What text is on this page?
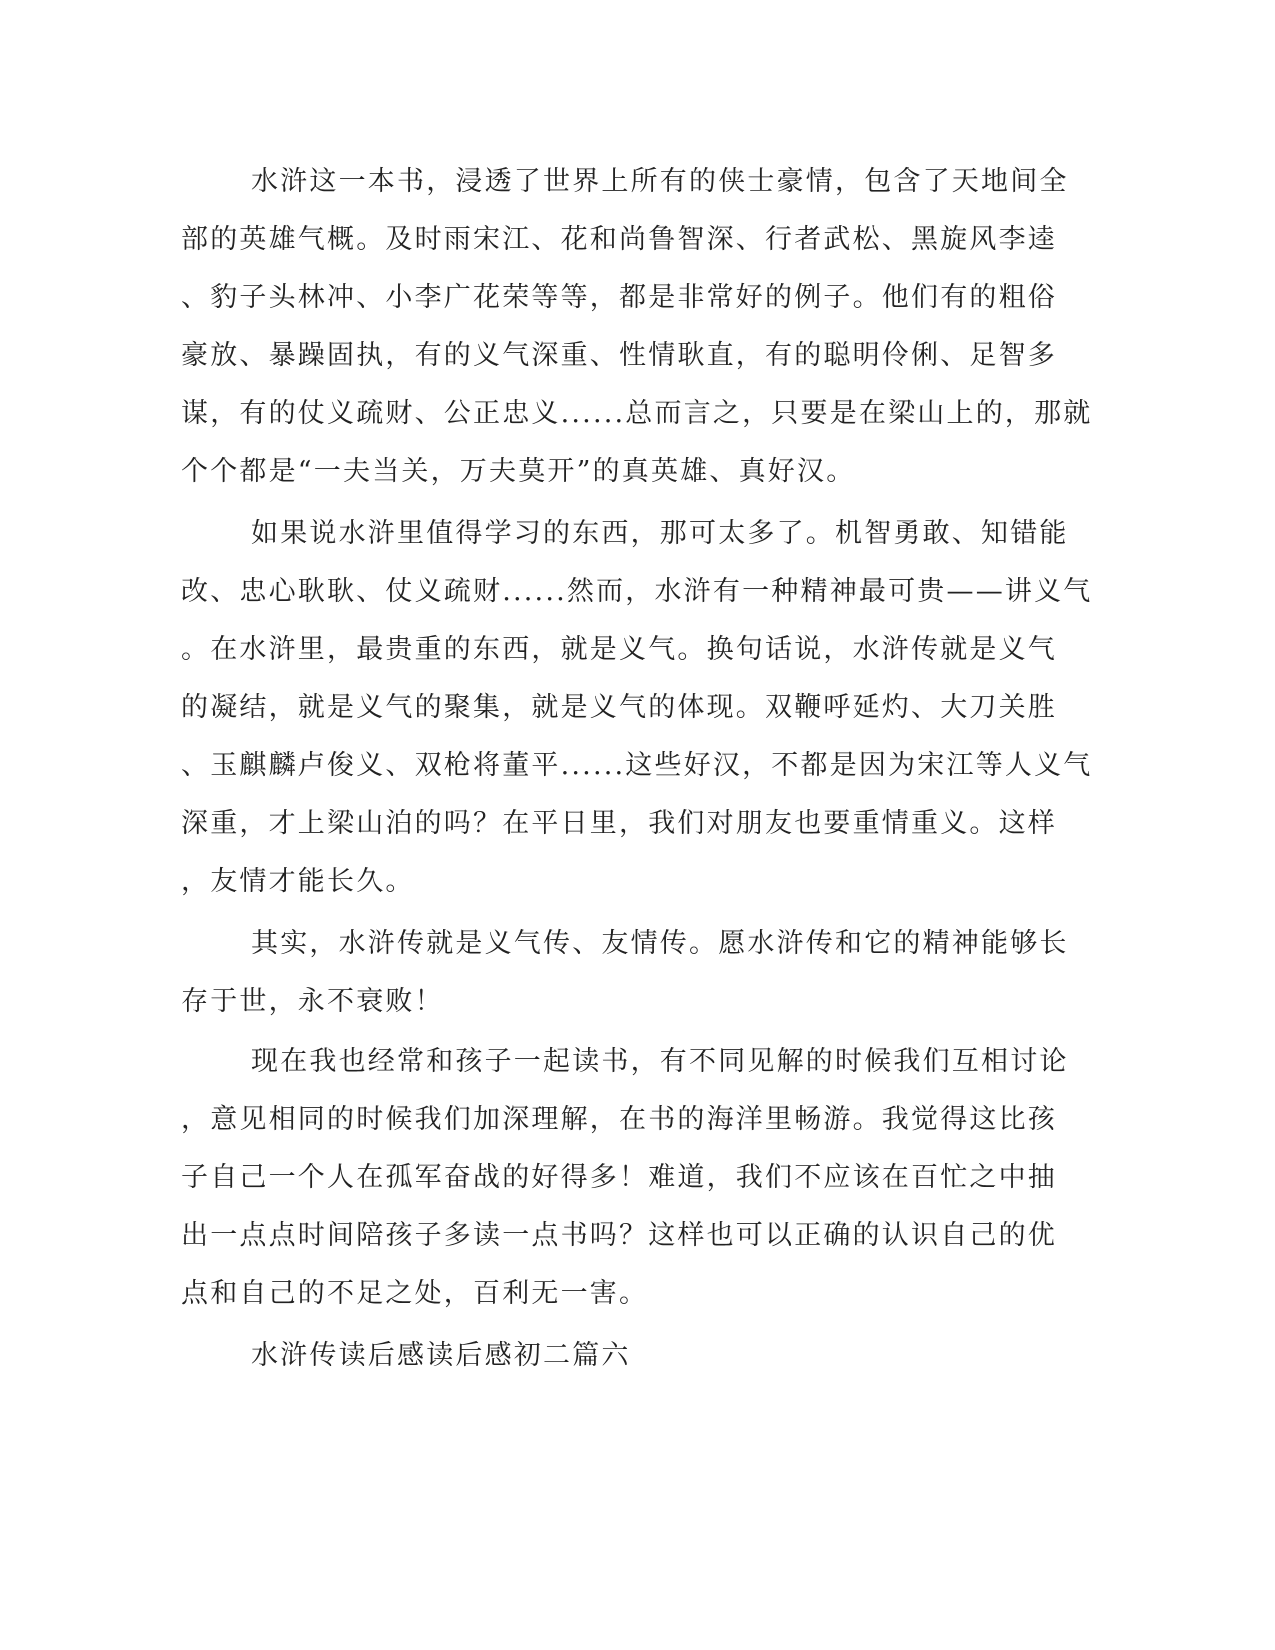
水浒这一本书，浸透了世界上所有的侠士豪情，包含了天地间全
部的英雄气概。及时雨宋江、花和尚鲁智深、行者武松、黑旋风李逵
、豹子头林冲、小李广花荣等等，都是非常好的例子。他们有的粗俗
豪放、暴躁固执，有的义气深重、性情耿直，有的聪明伶俐、足智多
谋，有的仗义疏财、公正忠义......总而言之，只要是在梁山上的，那就
个个都是“一夫当关，万夫莫开”的真英雄、真好汉。
如果说水浒里值得学习的东西，那可太多了。机智勇敢、知错能
改、忠心耿耿、仗义疏财......然而，水浒有一种精神最可贵——讲义气
。在水浒里，最贵重的东西，就是义气。换句话说，水浒传就是义气
的凝结，就是义气的聚集，就是义气的体现。双鞭呼延灼、大刀关胜
、玉麒麟卢俊义、双枪将董平......这些好汉，不都是因为宋江等人义气
深重，才上梁山泊的吗？在平日里，我们对朋友也要重情重义。这样
，友情才能长久。
其实，水浒传就是义气传、友情传。愿水浒传和它的精神能够长
存于世，永不衰败！
现在我也经常和孩子一起读书，有不同见解的时候我们互相讨论
，意见相同的时候我们加深理解，在书的海洋里畅游。我觉得这比孩
子自己一个人在孤军奋战的好得多！难道，我们不应该在百忙之中抽
出一点点时间陪孩子多读一点书吗？这样也可以正确的认识自己的优
点和自己的不足之处，百利无一害。
水浒传读后感读后感初二篇六
